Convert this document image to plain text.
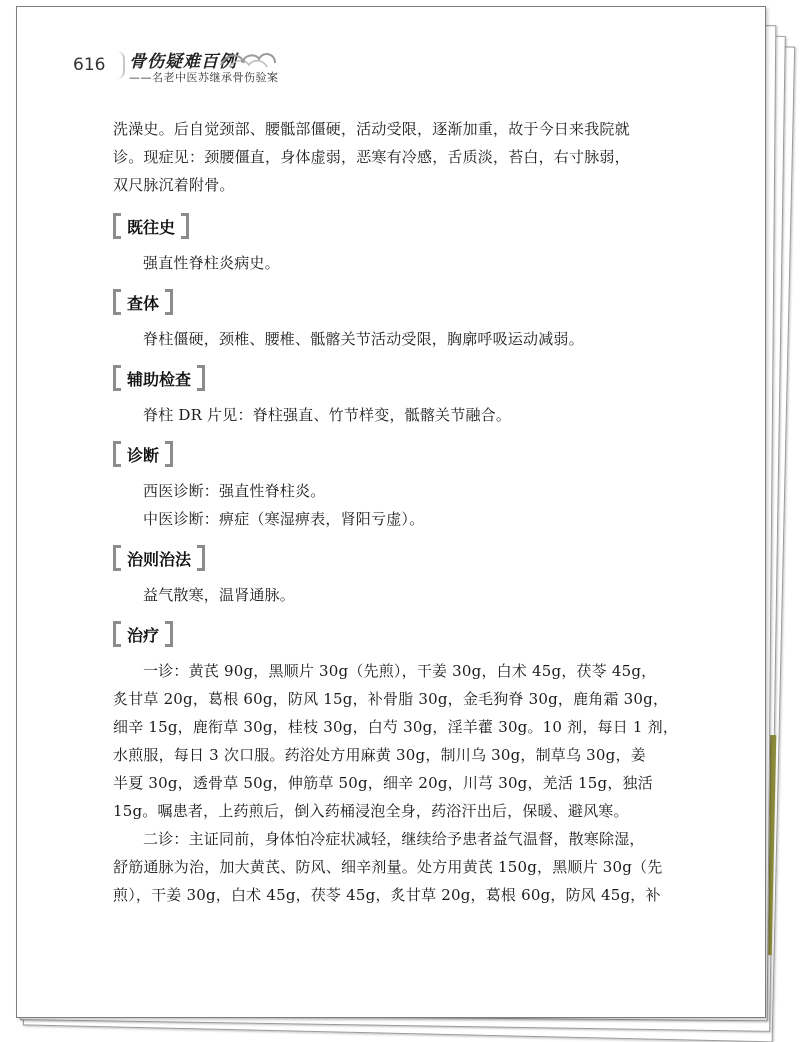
616 骨伤疑难百例
——名老中医苏继承骨伤验案

洗澡史。后自觉颈部、腰骶部僵硬，活动受限，逐渐加重，故于今日来我院就

诊。现症见：颈腰僵直，身体虚弱，恶寒有冷感，舌质淡，苔白，右寸脉弱，

双尺脉沉着附骨。

既往史

强直性脊柱炎病史。

查体

脊柱僵硬，颈椎、腰椎、骶髂关节活动受限，胸廓呼吸运动减弱。

辅助检查

脊柱 DR 片见：脊柱强直、竹节样变，骶髂关节融合。

诊断

西医诊断：强直性脊柱炎。

中医诊断：痹症（寒湿痹表，肾阳亏虚）。

治则治法

益气散寒，温肾通脉。

治疗

一诊：黄芪 90g，黑顺片 30g（先煎），干姜 30g，白术 45g，茯苓 45g，

炙甘草 20g，葛根 60g，防风 15g，补骨脂 30g，金毛狗脊 30g，鹿角霜 30g，

细辛 15g，鹿衔草 30g，桂枝 30g，白芍 30g，淫羊藿 30g。10 剂，每日 1 剂，

水煎服，每日 3 次口服。药浴处方用麻黄 30g，制川乌 30g，制草乌 30g，姜

半夏 30g，透骨草 50g，伸筋草 50g，细辛 20g，川芎 30g，羌活 15g，独活

15g。嘱患者，上药煎后，倒入药桶浸泡全身，药浴汗出后，保暖、避风寒。

二诊：主证同前，身体怕冷症状减轻，继续给予患者益气温督，散寒除湿，

舒筋通脉为治，加大黄芪、防风、细辛剂量。处方用黄芪 150g，黑顺片 30g（先

煎），干姜 30g，白术 45g，茯苓 45g，炙甘草 20g，葛根 60g，防风 45g，补
